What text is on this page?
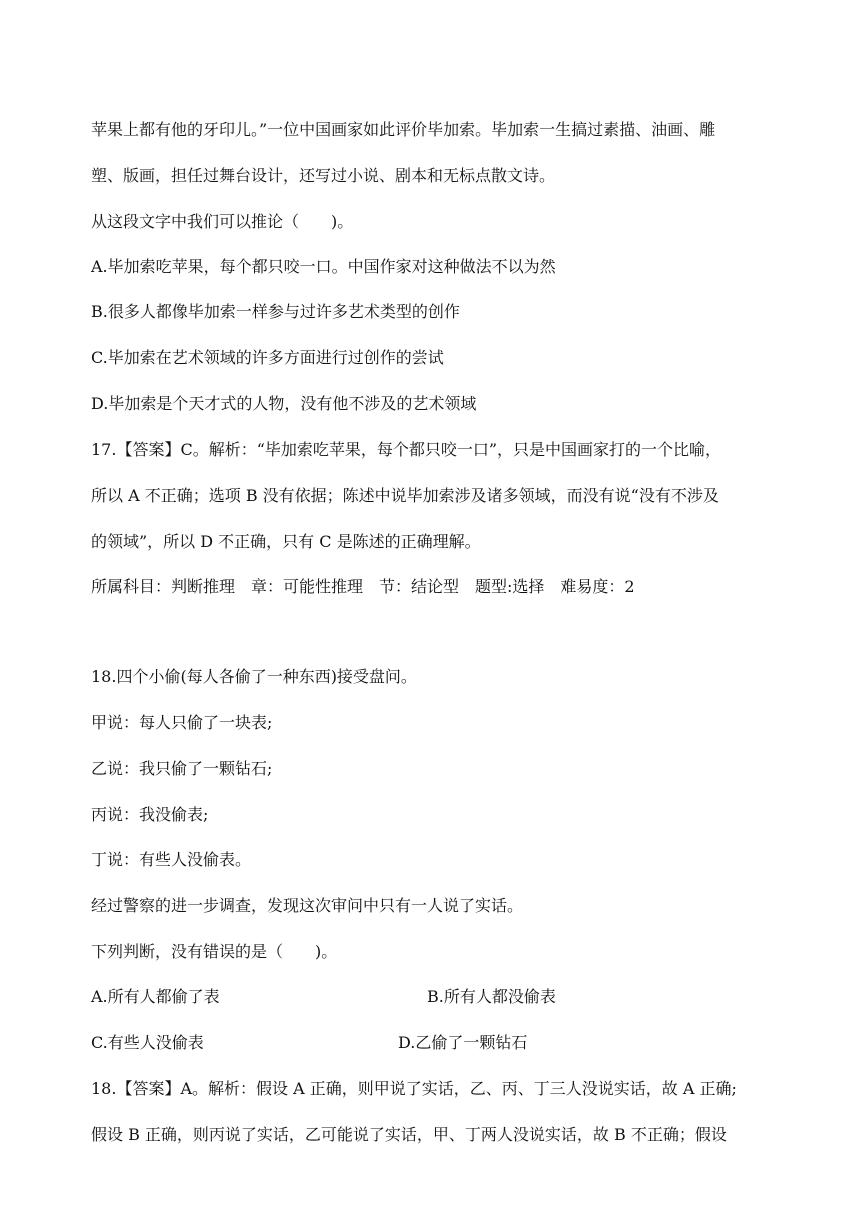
苹果上都有他的牙印儿。”一位中国画家如此评价毕加索。毕加索一生搞过素描、油画、雕
塑、版画，担任过舞台设计，还写过小说、剧本和无标点散文诗。
从这段文字中我们可以推论（　　)。
A.毕加索吃苹果，每个都只咬一口。中国作家对这种做法不以为然
B.很多人都像毕加索一样参与过许多艺术类型的创作
C.毕加索在艺术领域的许多方面进行过创作的尝试
D.毕加索是个天才式的人物，没有他不涉及的艺术领域
17.【答案】C。解析：“毕加索吃苹果，每个都只咬一口”，只是中国画家打的一个比喻，
所以 A 不正确；选项 B 没有依据；陈述中说毕加索涉及诸多领域，而没有说“没有不涉及
的领域”，所以 D 不正确，只有 C 是陈述的正确理解。
所属科目：判断推理　章：可能性推理　节：结论型　题型:选择　难易度：2
18.四个小偷(每人各偷了一种东西)接受盘问。
甲说：每人只偷了一块表;
乙说：我只偷了一颗钻石;
丙说：我没偷表;
丁说：有些人没偷表。
经过警察的进一步调查，发现这次审问中只有一人说了实话。
下列判断，没有错误的是（　　)。
A.所有人都偷了表	B.所有人都没偷表
C.有些人没偷表	D.乙偷了一颗钻石
18.【答案】A。解析：假设 A 正确，则甲说了实话，乙、丙、丁三人没说实话，故 A 正确;
假设 B 正确，则丙说了实话，乙可能说了实话，甲、丁两人没说实话，故 B 不正确；假设
